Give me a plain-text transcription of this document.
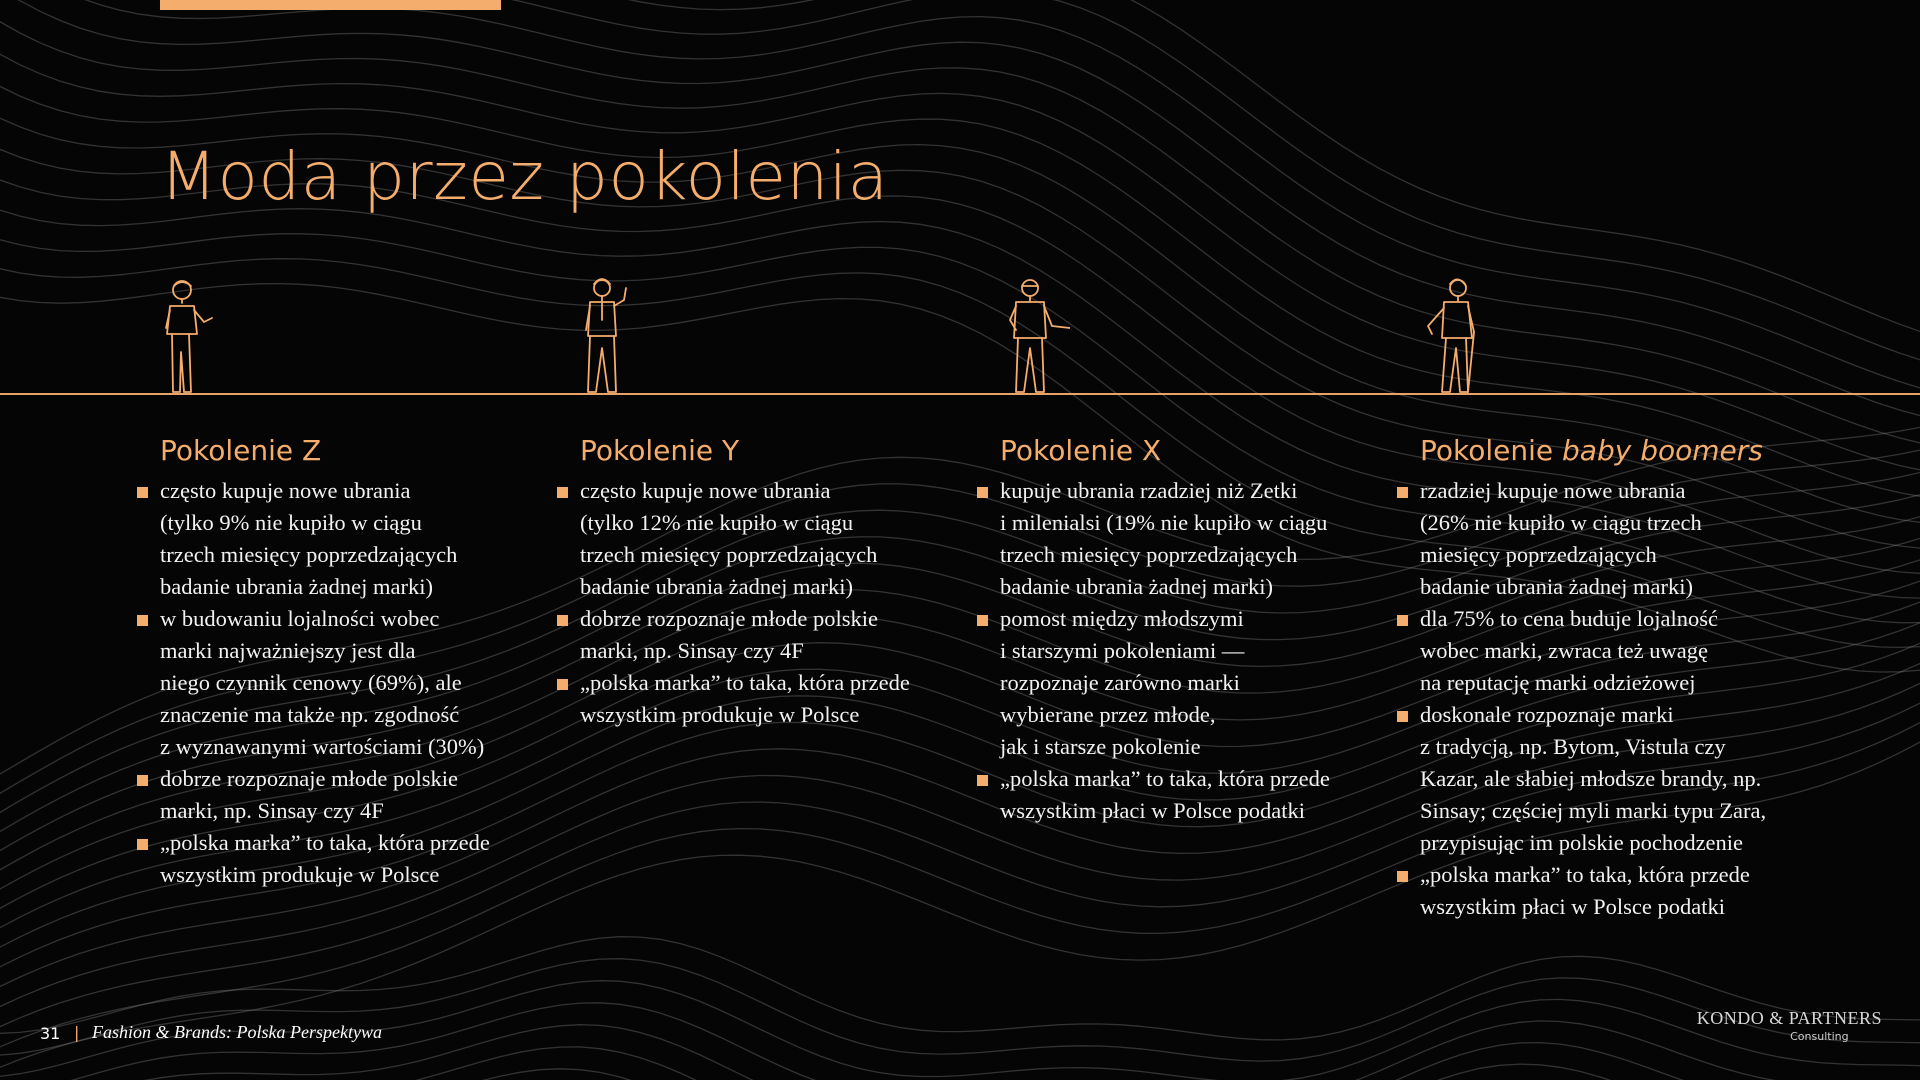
Moda przez pokolenia
Pokolenie Z
często kupuje nowe ubrania
(tylko 9% nie kupiło w ciągu
trzech miesięcy poprzedzających
badanie ubrania żadnej marki)
w budowaniu lojalności wobec
marki najważniejszy jest dla
niego czynnik cenowy (69%), ale
znaczenie ma także np. zgodność
z wyznawanymi wartościami (30%)
dobrze rozpoznaje młode polskie
marki, np. Sinsay czy 4F
„polska marka” to taka, która przede
wszystkim produkuje w Polsce
Pokolenie Y
często kupuje nowe ubrania
(tylko 12% nie kupiło w ciągu
trzech miesięcy poprzedzających
badanie ubrania żadnej marki)
dobrze rozpoznaje młode polskie
marki, np. Sinsay czy 4F
„polska marka” to taka, która przede
wszystkim produkuje w Polsce
Pokolenie X
kupuje ubrania rzadziej niż Zetki
i milenialsi (19% nie kupiło w ciągu
trzech miesięcy poprzedzających
badanie ubrania żadnej marki)
pomost między młodszymi
i starszymi pokoleniami —
rozpoznaje zarówno marki
wybierane przez młode,
jak i starsze pokolenie
„polska marka” to taka, która przede
wszystkim płaci w Polsce podatki
Pokolenie baby boomers
rzadziej kupuje nowe ubrania
(26% nie kupiło w ciągu trzech
miesięcy poprzedzających
badanie ubrania żadnej marki)
dla 75% to cena buduje lojalność
wobec marki, zwraca też uwagę
na reputację marki odzieżowej
doskonale rozpoznaje marki
z tradycją, np. Bytom, Vistula czy
Kazar, ale słabiej młodsze brandy, np.
Sinsay; częściej myli marki typu Zara,
przypisując im polskie pochodzenie
„polska marka” to taka, która przede
wszystkim płaci w Polsce podatki
31 | Fashion & Brands: Polska Perspektywa
KONDO & PARTNERS
Consulting
